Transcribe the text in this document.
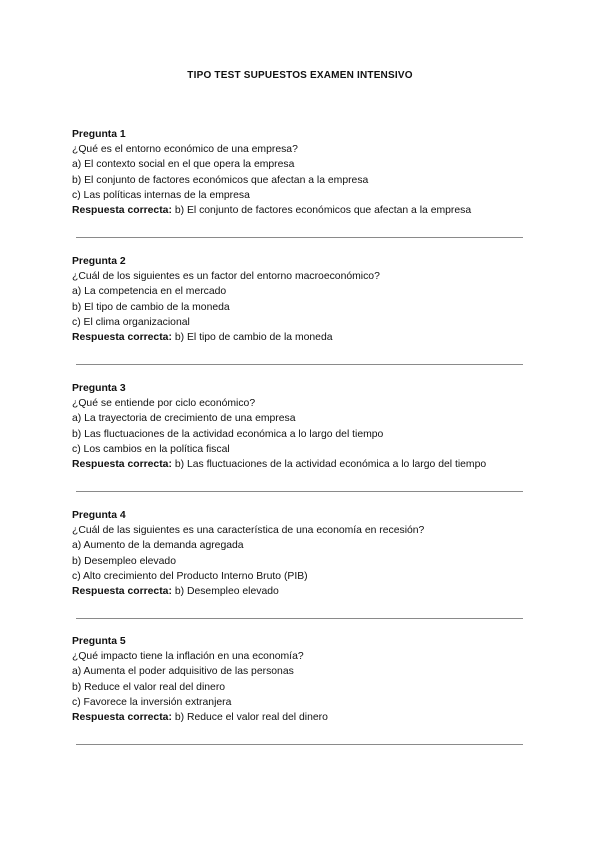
TIPO TEST SUPUESTOS EXAMEN INTENSIVO

Pregunta 1

¿Qué es el entorno económico de una empresa?

a) El contexto social en el que opera la empresa

b) El conjunto de factores económicos que afectan a la empresa

c) Las políticas internas de la empresa

Respuesta correcta: b) El conjunto de factores económicos que afectan a la empresa

Pregunta 2

¿Cuál de los siguientes es un factor del entorno macroeconómico?

a) La competencia en el mercado

b) El tipo de cambio de la moneda

c) El clima organizacional

Respuesta correcta: b) El tipo de cambio de la moneda

Pregunta 3

¿Qué se entiende por ciclo económico?

a) La trayectoria de crecimiento de una empresa

b) Las fluctuaciones de la actividad económica a lo largo del tiempo

c) Los cambios en la política fiscal

Respuesta correcta: b) Las fluctuaciones de la actividad económica a lo largo del tiempo

Pregunta 4

¿Cuál de las siguientes es una característica de una economía en recesión?

a) Aumento de la demanda agregada

b) Desempleo elevado

c) Alto crecimiento del Producto Interno Bruto (PIB)

Respuesta correcta: b) Desempleo elevado

Pregunta 5

¿Qué impacto tiene la inflación en una economía?

a) Aumenta el poder adquisitivo de las personas

b) Reduce el valor real del dinero

c) Favorece la inversión extranjera

Respuesta correcta: b) Reduce el valor real del dinero
